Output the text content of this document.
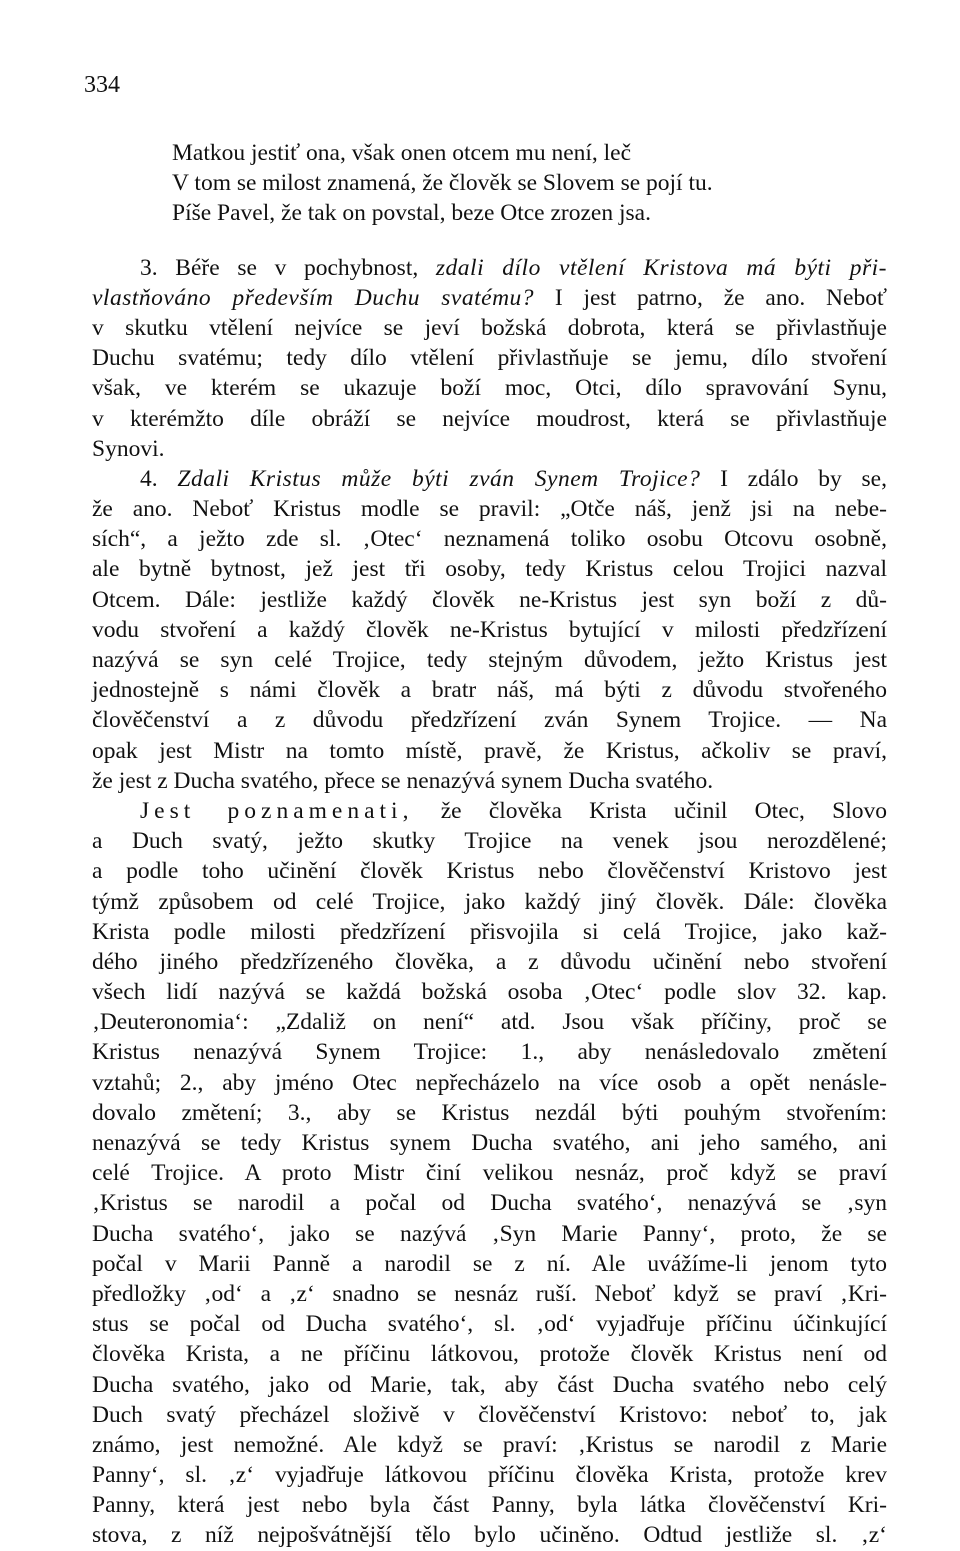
334
Matkou jestiť ona, však onen otcem mu není, leč
V tom se milost znamená, že člověk se Slovem se pojí tu.
Píše Pavel, že tak on povstal, beze Otce zrozen jsa.
3. Béře se v pochybnost, zdali dílo vtělení Kristova má býti při-
vlastňováno především Duchu svatému? I jest patrno, že ano. Neboť
v skutku vtělení nejvíce se jeví božská dobrota, která se přivlastňuje
Duchu svatému; tedy dílo vtělení přivlastňuje se jemu, dílo stvoření
však, ve kterém se ukazuje boží moc, Otci, dílo spravování Synu,
v kterémžto díle obráží se nejvíce moudrost, která se přivlastňuje
Synovi.
4. Zdali Kristus může býti zván Synem Trojice? I zdálo by se,
že ano. Neboť Kristus modle se pravil: „Otče náš, jenž jsi na nebe-
sích“, a ježto zde sl. ‚Otec‘ neznamená toliko osobu Otcovu osobně,
ale bytně bytnost, jež jest tři osoby, tedy Kristus celou Trojici nazval
Otcem. Dále: jestliže každý člověk ne-Kristus jest syn boží z dů-
vodu stvoření a každý člověk ne-Kristus bytující v milosti předzřízení
nazývá se syn celé Trojice, tedy stejným důvodem, ježto Kristus jest
jednostejně s námi člověk a bratr náš, má býti z důvodu stvořeného
člověčenství a z důvodu předzřízení zván Synem Trojice. — Na
opak jest Mistr na tomto místě, pravě, že Kristus, ačkoliv se praví,
že jest z Ducha svatého, přece se nenazývá synem Ducha svatého.
Jest poznamenati, že člověka Krista učinil Otec, Slovo
a Duch svatý, ježto skutky Trojice na venek jsou nerozdělené;
a podle toho učinění člověk Kristus nebo člověčenství Kristovo jest
týmž způsobem od celé Trojice, jako každý jiný člověk. Dále: člověka
Krista podle milosti předzřízení přisvojila si celá Trojice, jako kaž-
dého jiného předzřízeného člověka, a z důvodu učinění nebo stvoření
všech lidí nazývá se každá božská osoba ‚Otec‘ podle slov 32. kap.
‚Deuteronomia‘: „Zdaliž on není“ atd. Jsou však příčiny, proč se
Kristus nenazývá Synem Trojice: 1., aby nenásledovalo změtení
vztahů; 2., aby jméno Otec nepřecházelo na více osob a opět nenásle-
dovalo změtení; 3., aby se Kristus nezdál býti pouhým stvořením:
nenazývá se tedy Kristus synem Ducha svatého, ani jeho samého, ani
celé Trojice. A proto Mistr činí velikou nesnáz, proč když se praví
‚Kristus se narodil a počal od Ducha svatého‘, nenazývá se ‚syn
Ducha svatého‘, jako se nazývá ‚Syn Marie Panny‘, proto, že se
počal v Marii Panně a narodil se z ní. Ale uvážíme-li jenom tyto
předložky ‚od‘ a ‚z‘ snadno se nesnáz ruší. Neboť když se praví ‚Kri-
stus se počal od Ducha svatého‘, sl. ‚od‘ vyjadřuje příčinu účinkující
člověka Krista, a ne příčinu látkovou, protože člověk Kristus není od
Ducha svatého, jako od Marie, tak, aby část Ducha svatého nebo celý
Duch svatý přecházel složivě v člověčenství Kristovo: neboť to, jak
známo, jest nemožné. Ale když se praví: ‚Kristus se narodil z Marie
Panny‘, sl. ‚z‘ vyjadřuje látkovou příčinu člověka Krista, protože krev
Panny, která jest nebo byla část Panny, byla látka člověčenství Kri-
stova, z níž nejpošvátnější tělo bylo učiněno. Odtud jestliže sl. ‚z‘
